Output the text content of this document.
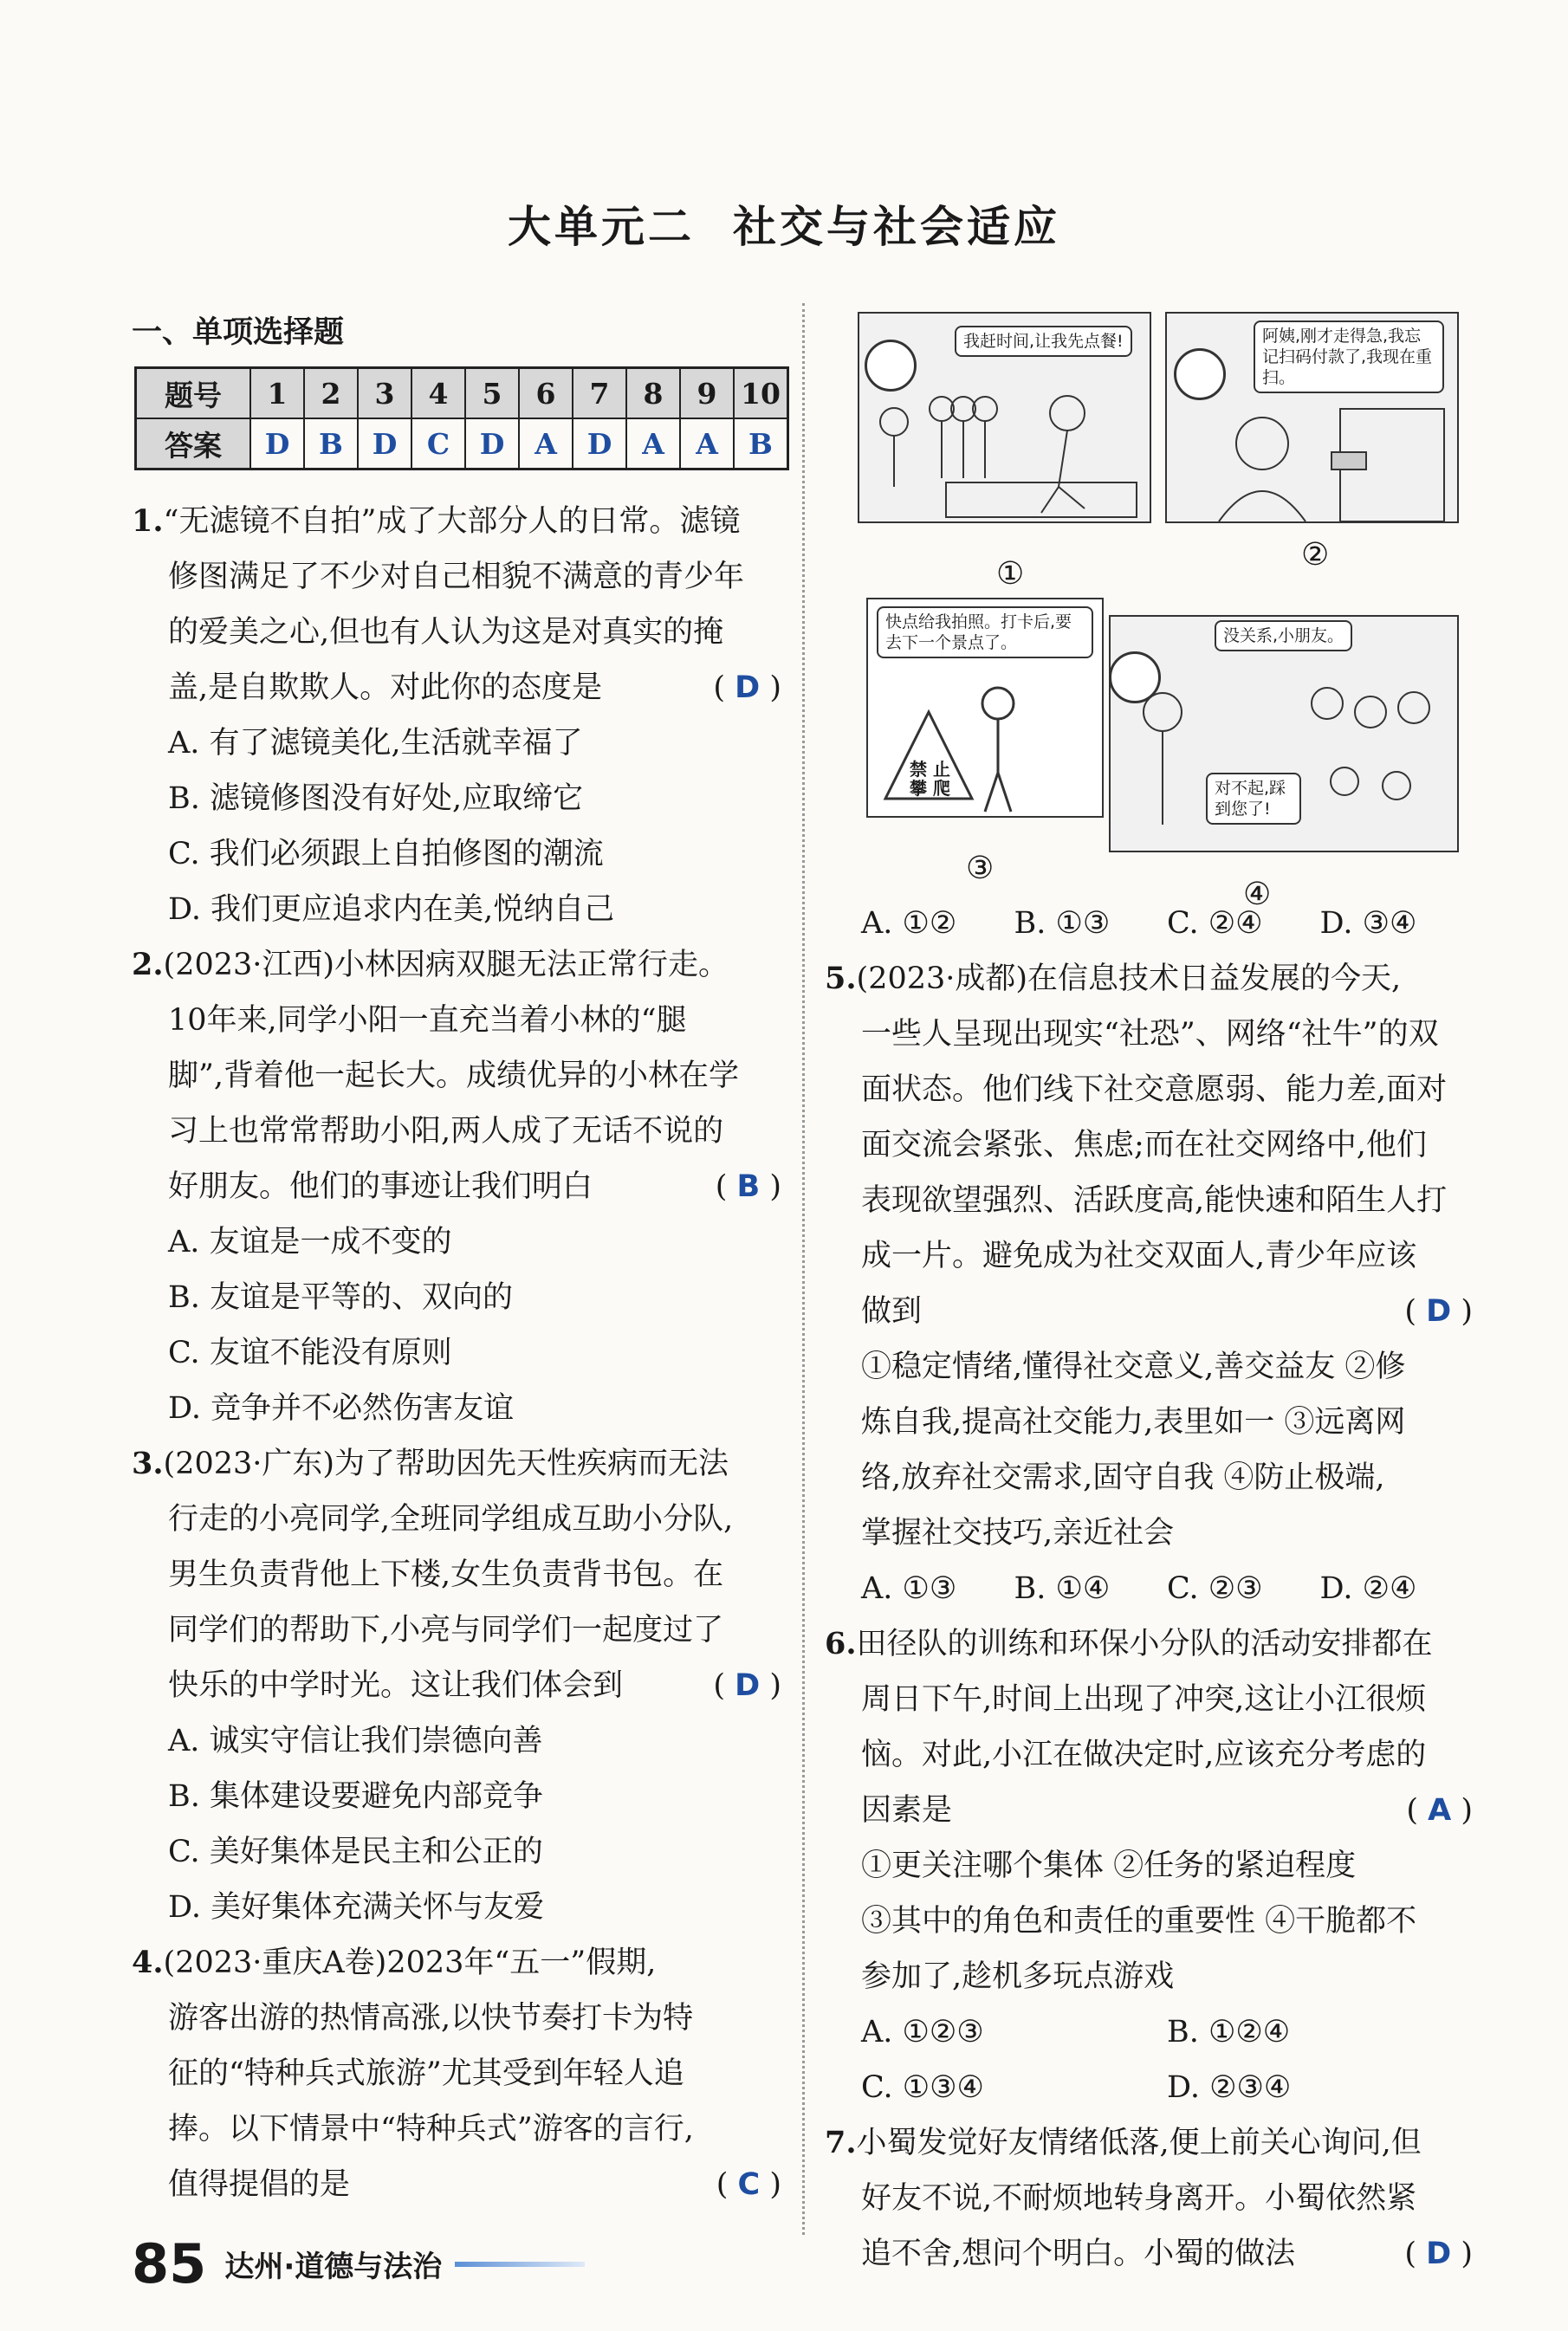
大单元二 社交与社会适应
一、单项选择题
题号	1	2	3	4	5	6	7	8	9	10
答案	D	B	D	C	D	A	D	A	A	B

1.“无滤镜不自拍”成了大部分人的日常。滤镜

修图满足了不少对自己相貌不满意的青少年

的爱美之心,但也有人认为这是对真实的掩

盖,是自欺欺人。对此你的态度是	( D )

A. 有了滤镜美化,生活就幸福了

B. 滤镜修图没有好处,应取缔它

C. 我们必须跟上自拍修图的潮流

D. 我们更应追求内在美,悦纳自己

2.(2023·江西)小林因病双腿无法正常行走。

10年来,同学小阳一直充当着小林的“腿

脚”,背着他一起长大。成绩优异的小林在学

习上也常常帮助小阳,两人成了无话不说的

好朋友。他们的事迹让我们明白	( B )

A. 友谊是一成不变的

B. 友谊是平等的、双向的

C. 友谊不能没有原则

D. 竞争并不必然伤害友谊

3.(2023·广东)为了帮助因先天性疾病而无法

行走的小亮同学,全班同学组成互助小分队,

男生负责背他上下楼,女生负责背书包。在

同学们的帮助下,小亮与同学们一起度过了

快乐的中学时光。这让我们体会到	( D )

A. 诚实守信让我们崇德向善

B. 集体建设要避免内部竞争

C. 美好集体是民主和公正的

D. 美好集体充满关怀与友爱

4.(2023·重庆A卷)2023年“五一”假期,

游客出游的热情高涨,以快节奏打卡为特

征的“特种兵式旅游”尤其受到年轻人追

捧。以下情景中“特种兵式”游客的言行,

值得提倡的是	( C )

我赶时间,让我先点餐!
①
阿姨,刚才走得急,我忘记扫码付款了,我现在重扫。
②
快点给我拍照。打卡后,要去下一个景点了。
禁 止
攀 爬
③
没关系,小朋友。
对不起,踩到您了!
④
A. ①②	B. ①③	C. ②④	D. ③④

5.(2023·成都)在信息技术日益发展的今天,

一些人呈现出现实“社恐”、网络“社牛”的双

面状态。他们线下社交意愿弱、能力差,面对

面交流会紧张、焦虑;而在社交网络中,他们

表现欲望强烈、活跃度高,能快速和陌生人打

成一片。避免成为社交双面人,青少年应该

做到	( D )

①稳定情绪,懂得社交意义,善交益友 ②修

炼自我,提高社交能力,表里如一 ③远离网

络,放弃社交需求,固守自我 ④防止极端,

掌握社交技巧,亲近社会

A. ①③	B. ①④	C. ②③	D. ②④

6.田径队的训练和环保小分队的活动安排都在

周日下午,时间上出现了冲突,这让小江很烦

恼。对此,小江在做决定时,应该充分考虑的

因素是	( A )

①更关注哪个集体 ②任务的紧迫程度

③其中的角色和责任的重要性 ④干脆都不

参加了,趁机多玩点游戏

A. ①②③	B. ①②④
C. ①③④	D. ②③④

7.小蜀发觉好友情绪低落,便上前关心询问,但

好友不说,不耐烦地转身离开。小蜀依然紧

追不舍,想问个明白。小蜀的做法	( D )

85 达州·道德与法治
